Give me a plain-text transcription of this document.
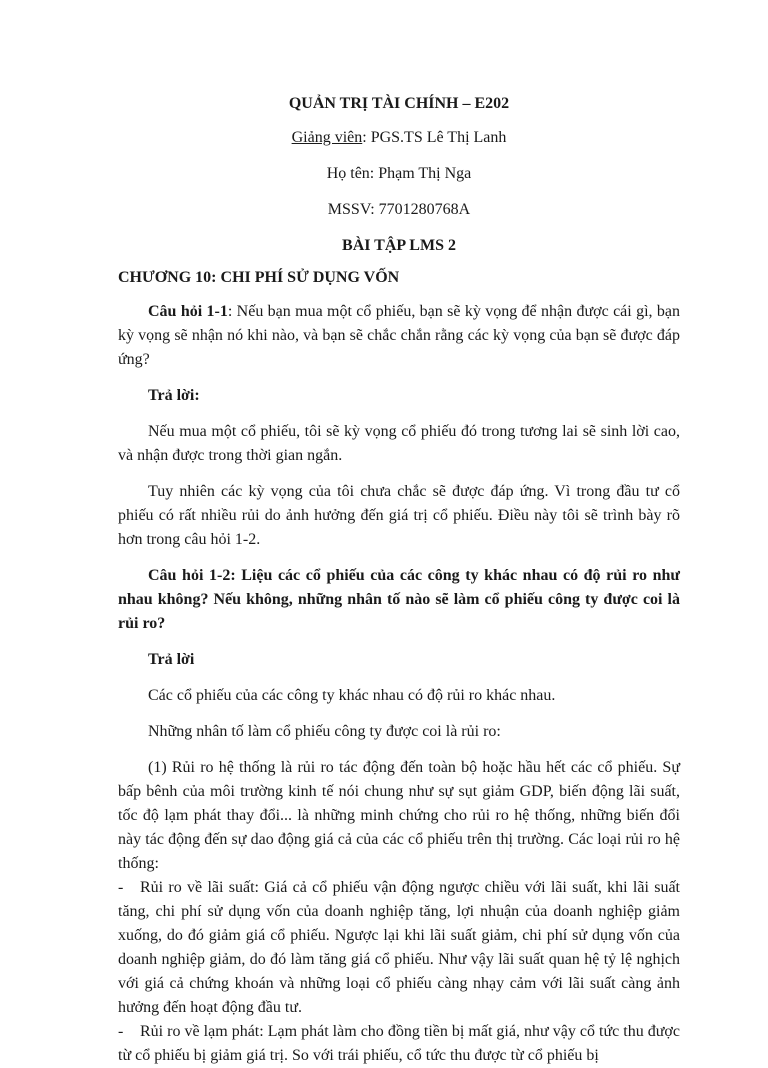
QUẢN TRỊ TÀI CHÍNH – E202

Giảng viên: PGS.TS Lê Thị Lanh

Họ tên: Phạm Thị Nga

MSSV: 7701280768A

BÀI TẬP LMS 2

CHƯƠNG 10: CHI PHÍ SỬ DỤNG VỐN

Câu hỏi 1-1: Nếu bạn mua một cổ phiếu, bạn sẽ kỳ vọng để nhận được cái gì, bạn kỳ vọng sẽ nhận nó khi nào, và bạn sẽ chắc chắn rằng các kỳ vọng của bạn sẽ được đáp ứng?

Trả lời:

Nếu mua một cổ phiếu, tôi sẽ kỳ vọng cổ phiếu đó trong tương lai sẽ sinh lời cao, và nhận được trong thời gian ngắn.

Tuy nhiên các kỳ vọng của tôi chưa chắc sẽ được đáp ứng. Vì trong đầu tư cổ phiếu có rất nhiều rủi do ảnh hưởng đến giá trị cổ phiếu. Điều này tôi sẽ trình bày rõ hơn trong câu hỏi 1-2.

Câu hỏi 1-2: Liệu các cổ phiếu của các công ty khác nhau có độ rủi ro như nhau không? Nếu không, những nhân tố nào sẽ làm cổ phiếu công ty được coi là rủi ro?

Trả lời

Các cổ phiếu của các công ty khác nhau có độ rủi ro khác nhau.

Những nhân tố làm cổ phiếu công ty được coi là rủi ro:

(1) Rủi ro hệ thống là rủi ro tác động đến toàn bộ hoặc hầu hết các cổ phiếu. Sự bấp bênh của môi trường kinh tế nói chung như sự sụt giảm GDP, biến động lãi suất, tốc độ lạm phát thay đổi... là những minh chứng cho rủi ro hệ thống, những biến đổi này tác động đến sự dao động giá cả của các cổ phiếu trên thị trường. Các loại rủi ro hệ thống:

- Rủi ro về lãi suất: Giá cả cổ phiếu vận động ngược chiều với lãi suất, khi lãi suất tăng, chi phí sử dụng vốn của doanh nghiệp tăng, lợi nhuận của doanh nghiệp giảm xuống, do đó giảm giá cổ phiếu. Ngược lại khi lãi suất giảm, chi phí sử dụng vốn của doanh nghiệp giảm, do đó làm tăng giá cổ phiếu. Như vậy lãi suất quan hệ tỷ lệ nghịch với giá cả chứng khoán và những loại cổ phiếu càng nhạy cảm với lãi suất càng ảnh hưởng đến hoạt động đầu tư.

- Rủi ro về lạm phát: Lạm phát làm cho đồng tiền bị mất giá, như vậy cổ tức thu được từ cổ phiếu bị giảm giá trị. So với trái phiếu, cổ tức thu được từ cổ phiếu bị
